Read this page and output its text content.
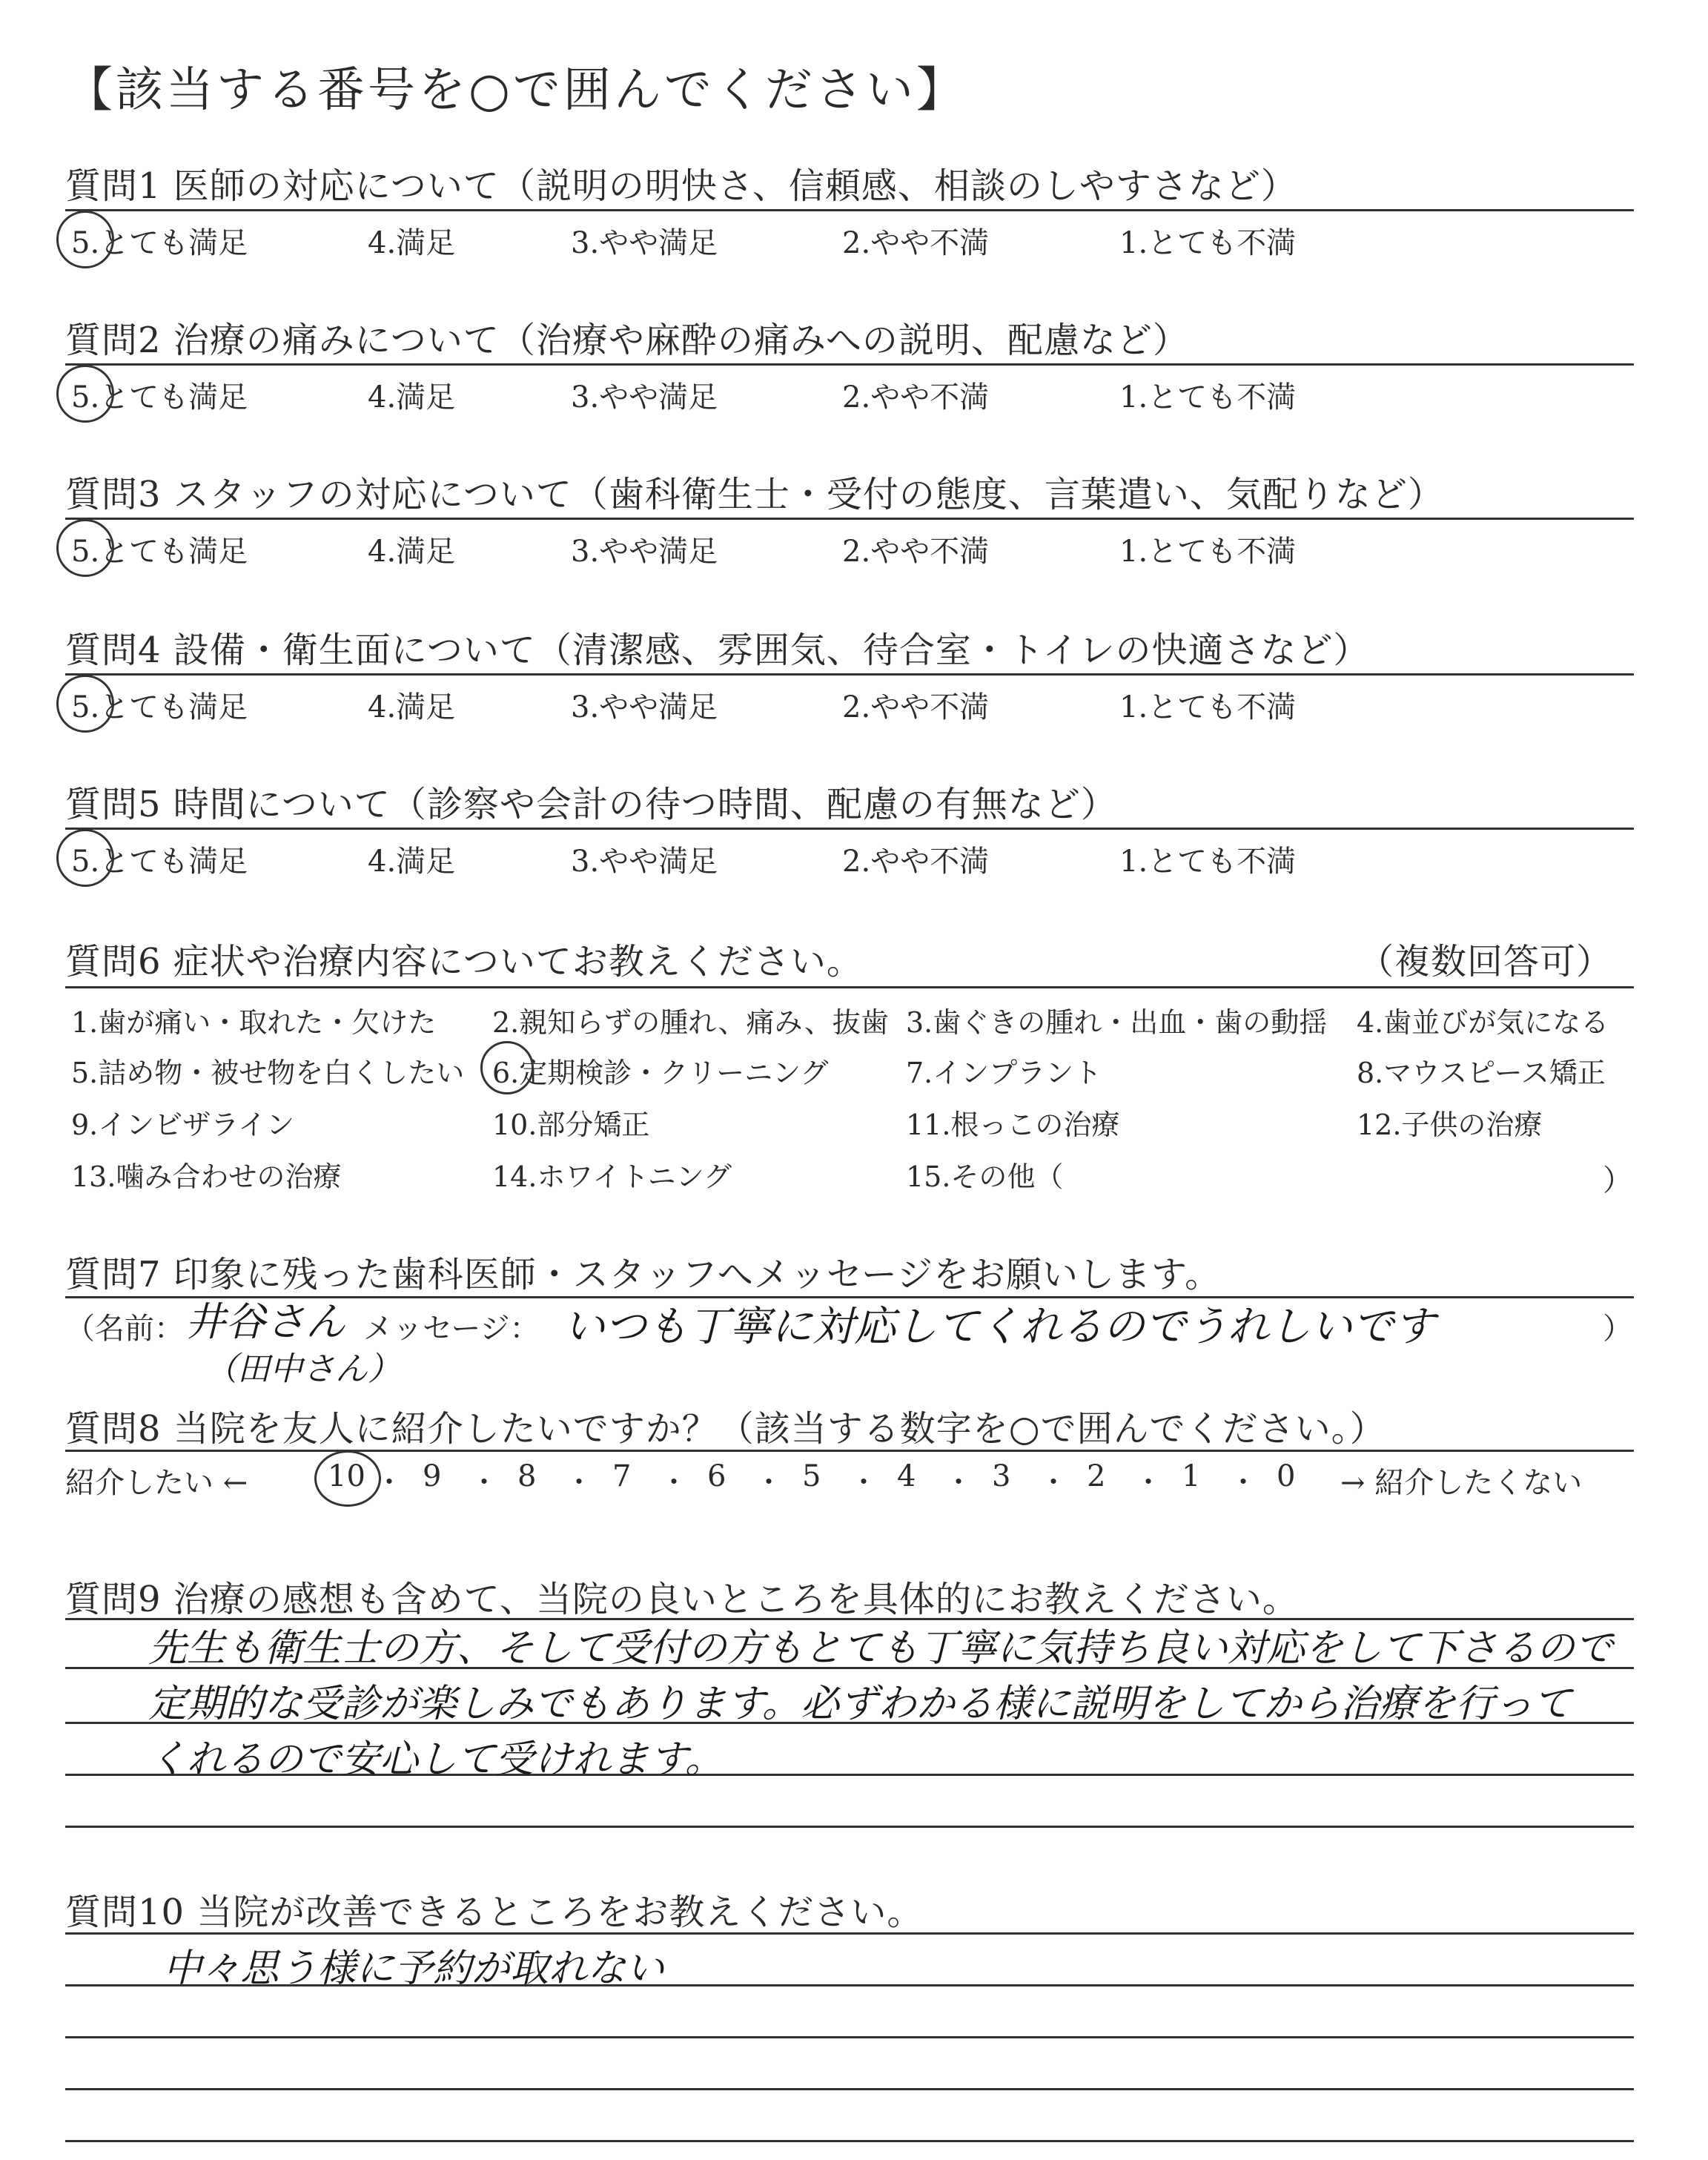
【該当する番号を○で囲んでください】
質問1 医師の対応について（説明の明快さ、信頼感、相談のしやすさなど）
5.とても満足	4.満足	3.やや満足	2.やや不満	1.とても不満
質問2 治療の痛みについて（治療や麻酔の痛みへの説明、配慮など）
5.とても満足	4.満足	3.やや満足	2.やや不満	1.とても不満
質問3 スタッフの対応について（歯科衛生士・受付の態度、言葉遣い、気配りなど）
5.とても満足	4.満足	3.やや満足	2.やや不満	1.とても不満
質問4 設備・衛生面について（清潔感、雰囲気、待合室・トイレの快適さなど）
5.とても満足	4.満足	3.やや満足	2.やや不満	1.とても不満
質問5 時間について（診察や会計の待つ時間、配慮の有無など）
5.とても満足	4.満足	3.やや満足	2.やや不満	1.とても不満
質問6 症状や治療内容についてお教えください。	（複数回答可）
1.歯が痛い・取れた・欠けた 2.親知らずの腫れ、痛み、抜歯 3.歯ぐきの腫れ・出血・歯の動揺 4.歯並びが気になる
5.詰め物・被せ物を白くしたい 6.定期検診・クリーニング	7.インプラント	8.マウスピース矯正
9.インビザライン	10.部分矯正	11.根っこの治療	12.子供の治療
13.噛み合わせの治療	14.ホワイトニング	15.その他（	）
質問7 印象に残った歯科医師・スタッフへメッセージをお願いします。
（名前： 井谷さん
（田中さん）
メッセージ： いつも丁寧に対応してくれるのでうれしいです	）
質問8 当院を友人に紹介したいですか？（該当する数字を○で囲んでください。）
紹介したい ←	10 ・ 9 ・ 8 ・ 7 ・ 6 ・ 5 ・ 4 ・ 3 ・ 2 ・ 1 ・ 0 → 紹介したくない
質問9 治療の感想も含めて、当院の良いところを具体的にお教えください。
先生も衛生士の方、そして受付の方もとても丁寧に気持ち良い対応をして下さるので
定期的な受診が楽しみでもあります。必ずわかる様に説明をしてから治療を行って
くれるので安心して受けれます。
質問10 当院が改善できるところをお教えください。
中々思う様に予約が取れない
